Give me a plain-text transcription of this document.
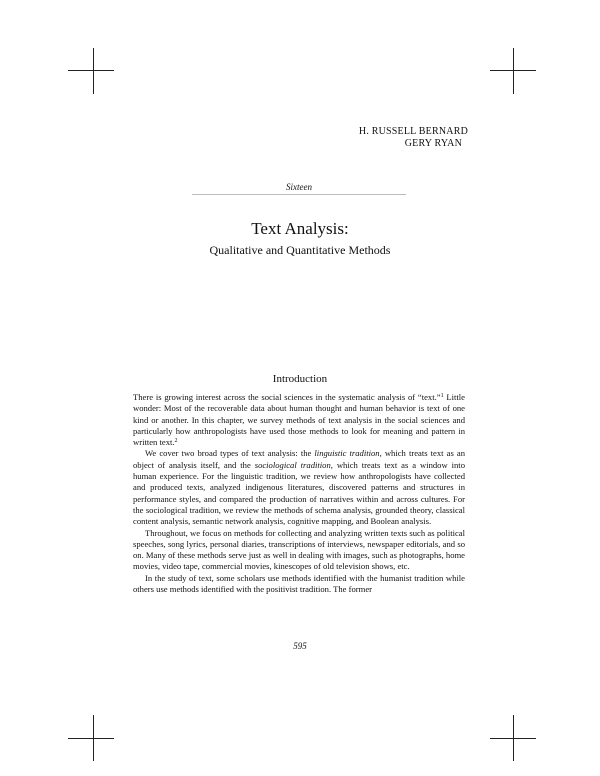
H. RUSSELL BERNARD
GERY RYAN
Sixteen
Text Analysis:
Qualitative and Quantitative Methods
Introduction

There is growing interest across the social sciences in the systematic analysis of “text.”$^1$ Little wonder: Most of the recoverable data about human thought and human behavior is text of one kind or another. In this chapter, we survey methods of text analysis in the social sciences and particularly how anthropologists have used those methods to look for meaning and pattern in written text.$^2$

We cover two broad types of text analysis: the linguistic tradition, which treats text as an object of analysis itself, and the sociological tradition, which treats text as a window into human experience. For the linguistic tradition, we review how anthropologists have collected and produced texts, analyzed indigenous literatures, discovered patterns and structures in performance styles, and compared the production of narratives within and across cultures. For the sociological tradition, we review the methods of schema analysis, grounded theory, classical content analysis, semantic network analysis, cognitive mapping, and Boolean analysis.

Throughout, we focus on methods for collecting and analyzing written texts such as political speeches, song lyrics, personal diaries, transcriptions of interviews, newspaper editorials, and so on. Many of these methods serve just as well in dealing with images, such as photographs, home movies, video tape, commercial movies, kinescopes of old television shows, etc.

In the study of text, some scholars use methods identified with the humanist tradition while others use methods identified with the positivist tradition. The former

595
